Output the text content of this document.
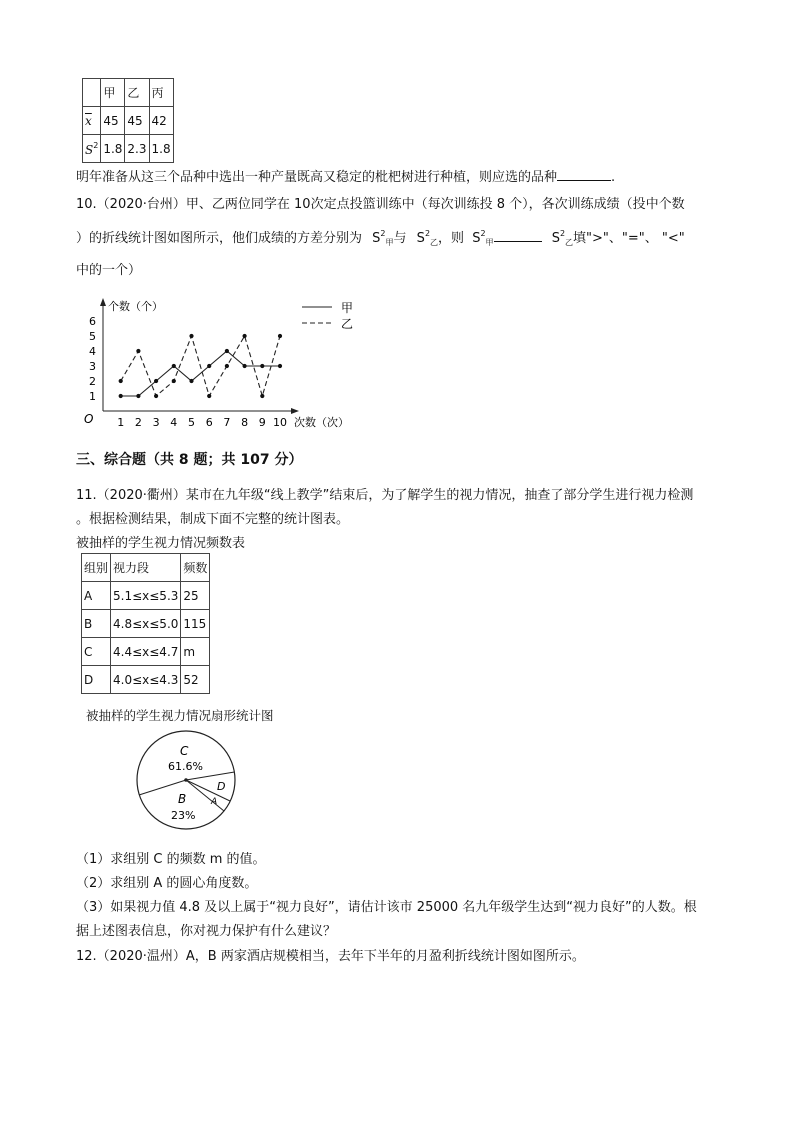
	甲	乙	丙
$\overline{x}$	45	45	42
$S^2$	1.8	2.3	1.8
明年准备从这三个品种中选出一种产量既高又稳定的枇杷树进行种植，则应选的品种	.
10.（2020·台州）甲、乙两位同学在 10次定点投篮训练中（每次训练投 8 个），各次训练成绩（投中个数
）的折线统计图如图所示，他们成绩的方差分别为 $S^2_甲$与 $S^2_乙$，则 $S^2_甲$	$S^2_乙$填">"、"="、 "<"
中的一个）
个数（个）
次数（次）
O
1
2
3
4
5
6
1 2 3 4 5 6 7 8 9 10
甲
乙
三、综合题（共 8 题；共 107 分）
11.（2020·衢州）某市在九年级“线上教学”结束后，为了解学生的视力情况，抽查了部分学生进行视力检测
。根据检测结果，制成下面不完整的统计图表。
被抽样的学生视力情况频数表
组别	视力段	频数
A	5.1≤x≤5.3	25
B	4.8≤x≤5.0	115
C	4.4≤x≤4.7	m
D	4.0≤x≤4.3	52
被抽样的学生视力情况扇形统计图
C
61.6%
B
23%
D
A
（1）求组别 C 的频数 m 的值。
（2）求组别 A 的圆心角度数。
（3）如果视力值 4.8 及以上属于“视力良好”，请估计该市 25000 名九年级学生达到“视力良好”的人数。根
据上述图表信息，你对视力保护有什么建议？
12.（2020·温州）A，B 两家酒店规模相当，去年下半年的月盈利折线统计图如图所示。
